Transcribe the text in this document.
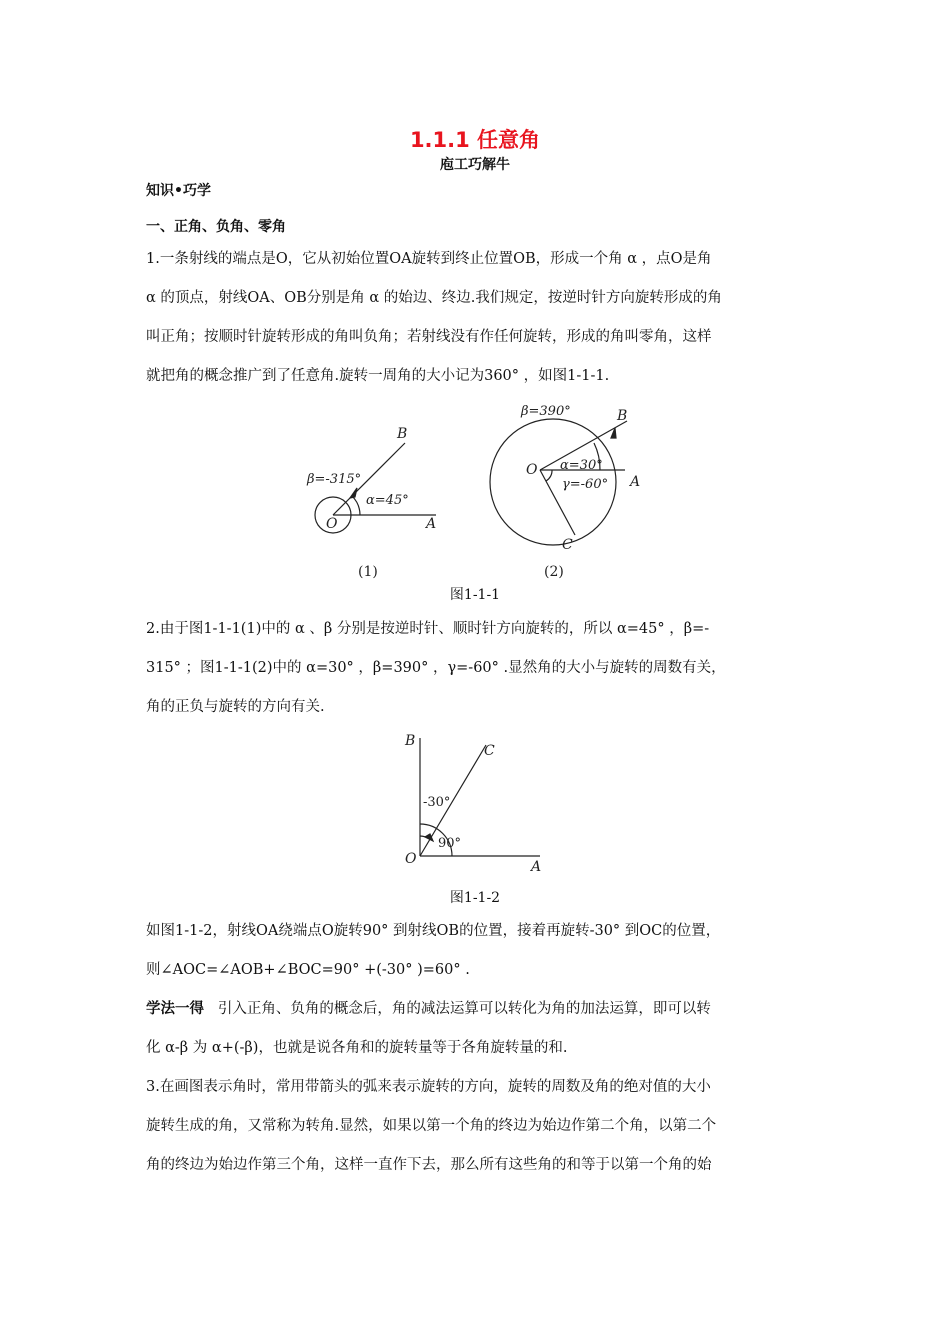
1.1.1 任意角
庖工巧解牛
知识•巧学
一、正角、负角、零角
1.一条射线的端点是O，它从初始位置OA旋转到终止位置OB，形成一个角 α ，点O是角
α 的顶点，射线OA、OB分别是角 α 的始边、终边.我们规定，按逆时针方向旋转形成的角
叫正角；按顺时针旋转形成的角叫负角；若射线没有作任何旋转，形成的角叫零角，这样
就把角的概念推广到了任意角.旋转一周角的大小记为360° ，如图1-1-1.
B
O	A
β=-315°
α=45°
β=390°	B
O α=30°
γ=-60° A
C
(1)	(2)
图1-1-1
2.由于图1-1-1(1)中的 α 、β 分别是按逆时针、顺时针方向旋转的，所以 α=45° ，β=-
315° ；图1-1-1(2)中的 α=30° ，β=390° ，γ=-60° .显然角的大小与旋转的周数有关，
角的正负与旋转的方向有关.
B
C
O	A
-30°
90°
图1-1-2
如图1-1-2，射线OA绕端点O旋转90° 到射线OB的位置，接着再旋转-30° 到OC的位置，
则∠AOC=∠AOB+∠BOC=90° +(-30° )=60° .
学法一得 引入正角、负角的概念后，角的减法运算可以转化为角的加法运算，即可以转
化 α-β 为 α+(-β)，也就是说各角和的旋转量等于各角旋转量的和.
3.在画图表示角时，常用带箭头的弧来表示旋转的方向，旋转的周数及角的绝对值的大小
旋转生成的角，又常称为转角.显然，如果以第一个角的终边为始边作第二个角，以第二个
角的终边为始边作第三个角，这样一直作下去，那么所有这些角的和等于以第一个角的始
